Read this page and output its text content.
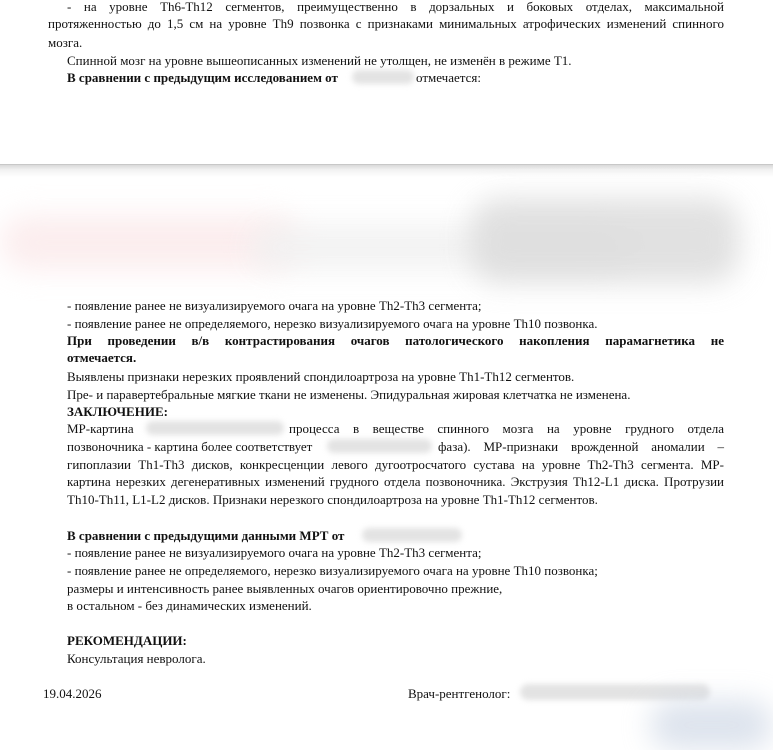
- на уровне Th6-Th12 сегментов, преимущественно в дорзальных и боковых отделах, максимальной
протяженностью до 1,5 см на уровне Th9 позвонка с признаками минимальных атрофических изменений спинного
мозга.
Спинной мозг на уровне вышеописанных изменений не утолщен, не изменён в режиме T1.
В сравнении с предыдущим исследованием от	отмечается:
- появление ранее не визуализируемого очага на уровне Th2-Th3 сегмента;
- появление ранее не определяемого, нерезко визуализируемого очага на уровне Th10 позвонка.
При проведении в/в контрастирования очагов патологического накопления парамагнетика не
отмечается.
Выявлены признаки нерезких проявлений спондилоартроза на уровне Th1-Th12 сегментов.
Пре- и паравертебральные мягкие ткани не изменены. Эпидуральная жировая клетчатка не изменена.
ЗАКЛЮЧЕНИЕ:
МР-картина	процесса в веществе спинного мозга на уровне грудного отдела
позвоночника - картина более соответствует	фаза). МР-признаки врожденной аномалии –
гипоплазии Th1-Th3 дисков, конкресценции левого дугоотросчатого сустава на уровне Th2-Th3 сегмента. МР-
картина нерезких дегенеративных изменений грудного отдела позвоночника. Экструзия Th12-L1 диска. Протрузии
Th10-Th11, L1-L2 дисков. Признаки нерезкого спондилоартроза на уровне Th1-Th12 сегментов.
В сравнении с предыдущими данными МРТ от
- появление ранее не визуализируемого очага на уровне Th2-Th3 сегмента;
- появление ранее не определяемого, нерезко визуализируемого очага на уровне Th10 позвонка;
размеры и интенсивность ранее выявленных очагов ориентировочно прежние,
в остальном - без динамических изменений.
РЕКОМЕНДАЦИИ:
Консультация невролога.
19.04.2026	Врач-рентгенолог:
